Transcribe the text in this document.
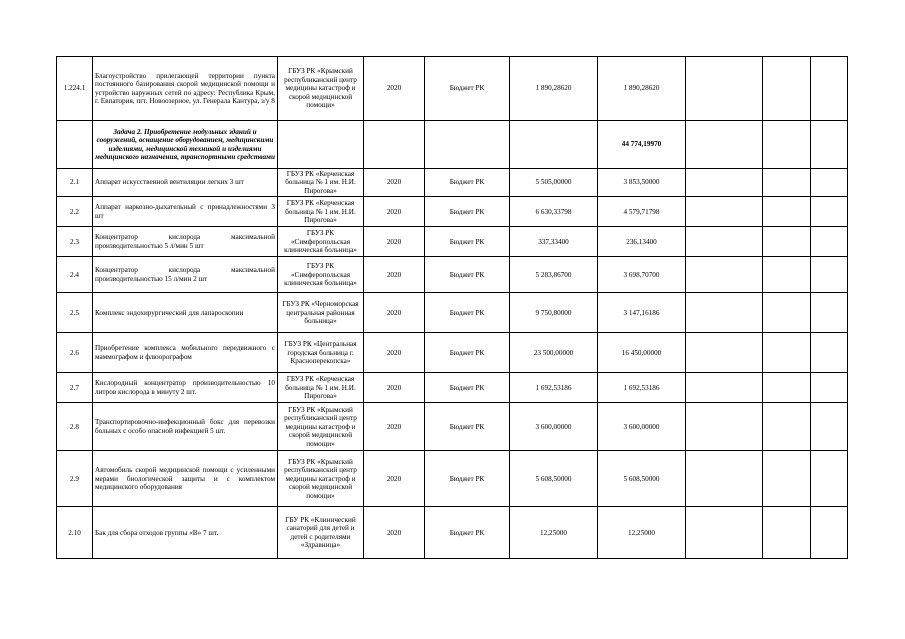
1.224.1	Благоустройство прилегающей территории пункта постоянного базирования скорой медицинской помощи и устройство наружных сетей по адресу: Республика Крым, г. Евпатория, пгт. Новоозерное, ул. Генерала Кантура, з/у 8	ГБУЗ РК «Крымский республиканский центр медицины катастроф и скорой медицинской помощи»	2020	Бюджет РК	1 890,28620	1 890,28620			
	Задача 2. Приобретение модульных зданий и сооружений, оснащение оборудованием, медицинскими изделиями, медицинской техникой и изделиями медицинского назначения, транспортными средствами					44 774,19970			
2.1	Аппарат искусственной вентиляции легких 3 шт	ГБУЗ РК «Керченская больница № 1 им. Н.И. Пирогова»	2020	Бюджет РК	5 505,00000	3 853,50000			
2.2	Аппарат наркозно-дыхательный с принадлежностями 3 шт	ГБУЗ РК «Керченская больница № 1 им. Н.И. Пирогова»	2020	Бюджет РК	6 630,33798	4 579,71798			
2.3	Концентратор кислорода максимальной производительностью 5 л/мин 5 шт	ГБУЗ РК «Симферопольская клиническая больница»	2020	Бюджет РК	337,33400	236,13400			
2.4	Концентратор кислорода максимальной производительностью 15 л/мин 2 шт	ГБУЗ РК «Симферопольская клиническая больница»	2020	Бюджет РК	5 283,86700	3 698,70700			
2.5	Комплекс эндохирургический для лапароскопии	ГБУЗ РК «Черноморская центральная районная больница»	2020	Бюджет РК	9 750,80000	3 147,16186			
2.6	Приобретение комплекса мобильного передвижного с маммографом и флюорографом	ГБУЗ РК «Центральная городская больница г. Красноперекопска»	2020	Бюджет РК	23 500,00000	16 450,00000			
2.7	Кислородный концентратор производительностью 10 литров кислорода в минуту 2 шт.	ГБУЗ РК «Керченская больница № 1 им. Н.И. Пирогова»	2020	Бюджет РК	1 692,53186	1 692,53186			
2.8	Транспортировочно-инфекционный бокс для перевозки больных с особо опасной инфекцией 5 шт.	ГБУЗ РК «Крымский республиканский центр медицины катастроф и скорой медицинской помощи»	2020	Бюджет РК	3 600,00000	3 600,00000			
2.9	Автомобиль скорой медицинской помощи с усиленными мерами биологической защиты и с комплектом медицинского оборудования	ГБУЗ РК «Крымский республиканский центр медицины катастроф и скорой медицинской помощи»	2020	Бюджет РК	5 608,50000	5 608,50000			
2.10	Бак для сбора отходов группы «В» 7 шт.	ГБУ РК «Клинический санаторий для детей и детей с родителями «Здравница»	2020	Бюджет РК	12,25000	12,25000			
